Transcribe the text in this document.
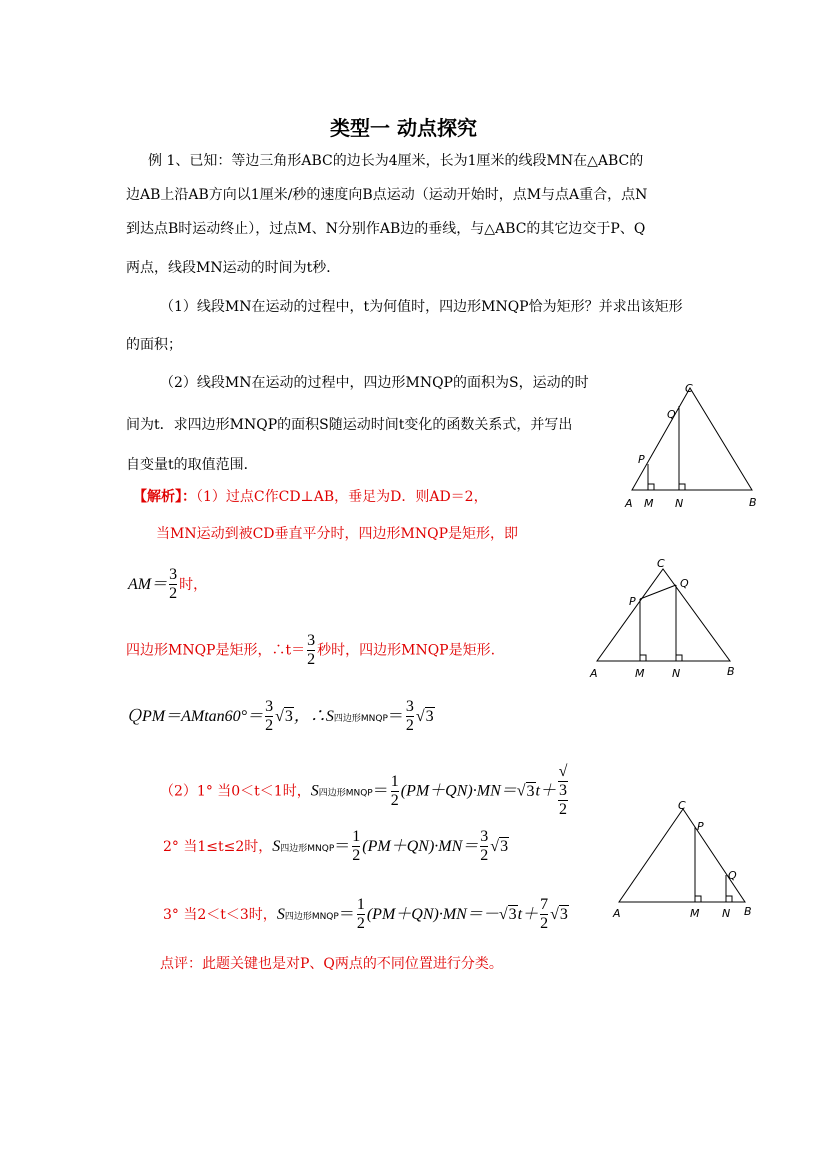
类型一 动点探究
例 1、已知：等边三角形ABC的边长为4厘米，长为1厘米的线段MN在△ABC的
边AB上沿AB方向以1厘米/秒的速度向B点运动（运动开始时，点M与点A重合，点N
到达点B时运动终止），过点M、N分别作AB边的垂线，与△ABC的其它边交于P、Q
两点，线段MN运动的时间为t秒．
（1）线段MN在运动的过程中，t为何值时，四边形MNQP恰为矩形？并求出该矩形
的面积；
（2）线段MN在运动的过程中，四边形MNQP的面积为S，运动的时
间为t．求四边形MNQP的面积S随运动时间t变化的函数关系式，并写出
自变量t的取值范围．
【解析】：（1）过点C作CD⊥AB，垂足为D．则AD＝2，
当MN运动到被CD垂直平分时，四边形MNQP是矩形，即
$AM= \frac{3}{2}$ 时，
四边形MNQP是矩形，∴t＝ $\frac{3}{2}$ 秒时，四边形MNQP是矩形.
ＱPM＝AMtan60°＝ $\frac{3}{2} √3$，∴S四边形MNQP＝ $\frac{3}{2} √3$
（2）1° 当0＜t＜1时，S四边形MNQP＝ $\frac{1}{2} (PM+QN)\cdot MN=√3t+$ √
3
2
2° 当1≤t≤2时，S四边形MNQP＝ $\frac{1}{2} (PM+QN)\cdot MN= \frac{3}{2} √3$
3° 当2＜t＜3时，S四边形MNQP＝ $\frac{1}{2} (PM+QN)\cdot MN=-√3t+ \frac{7}{2} √3$
点评：此题关键也是对P、Q两点的不同位置进行分类。
A M N	B
P
Q
C
A	M	N	B
P
Q
C
A	M N B
P
Q
C
